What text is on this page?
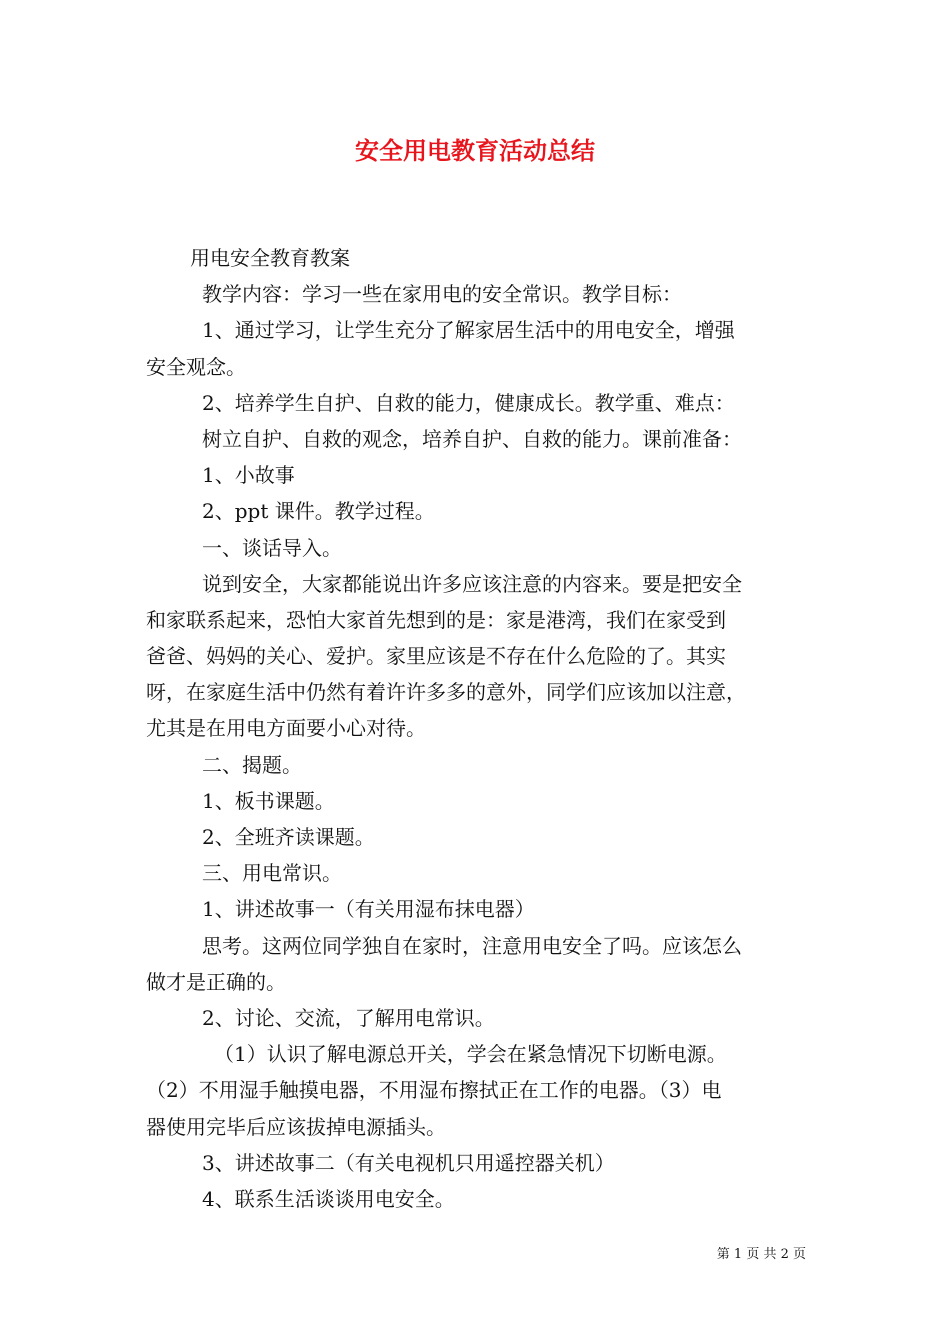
安全用电教育活动总结
用电安全教育教案
教学内容：学习一些在家用电的安全常识。教学目标：
1、通过学习，让学生充分了解家居生活中的用电安全，增强
安全观念。
2、培养学生自护、自救的能力，健康成长。教学重、难点：
树立自护、自救的观念，培养自护、自救的能力。课前准备：
1、小故事
2、ppt 课件。教学过程。
一、谈话导入。
说到安全，大家都能说出许多应该注意的内容来。要是把安全
和家联系起来，恐怕大家首先想到的是：家是港湾，我们在家受到
爸爸、妈妈的关心、爱护。家里应该是不存在什么危险的了。其实
呀，在家庭生活中仍然有着许许多多的意外，同学们应该加以注意，
尤其是在用电方面要小心对待。
二、揭题。
1、板书课题。
2、全班齐读课题。
三、用电常识。
1、讲述故事一（有关用湿布抹电器）
思考。这两位同学独自在家时，注意用电安全了吗。应该怎么
做才是正确的。
2、讨论、交流，了解用电常识。
（1）认识了解电源总开关，学会在紧急情况下切断电源。
（2）不用湿手触摸电器，不用湿布擦拭正在工作的电器。（3）电
器使用完毕后应该拔掉电源插头。
3、讲述故事二（有关电视机只用遥控器关机）
4、联系生活谈谈用电安全。
第 1 页 共 2 页
